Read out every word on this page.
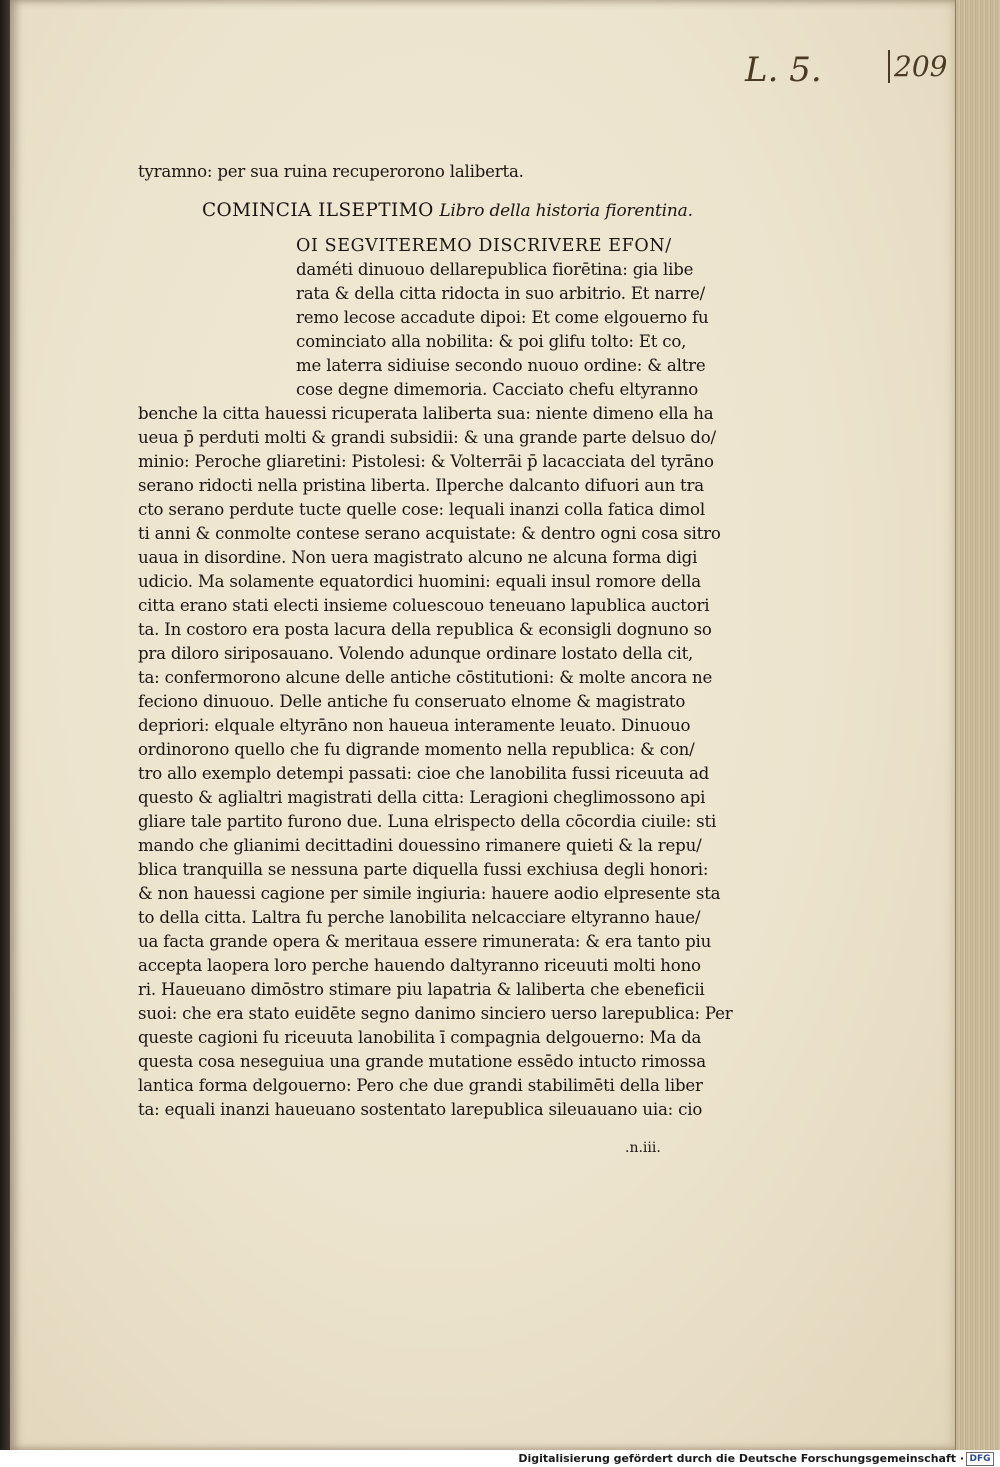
L. 5.	209
tyramno: per sua ruina recuperorono laliberta.
COMINCIA ILSEPTIMO Libro della historia fiorentina.
OI SEGVITEREMO DISCRIVERE EFON/
daméti dinuouo dellarepublica fiorētina: gia libe
rata & della citta ridocta in suo arbitrio. Et narre/
remo lecose accadute dipoi: Et come elgouerno fu
cominciato alla nobilita: & poi glifu tolto: Et co,
me laterra sidiuise secondo nuouo ordine: & altre
cose degne dimemoria. Cacciato chefu eltyranno
benche la citta hauessi ricuperata laliberta sua: niente dimeno ella ha
ueua p̄ perduti molti & grandi subsidii: & una grande parte delsuo do/
minio: Peroche gliaretini: Pistolesi: & Volterrāi p̄ lacacciata del tyrāno
serano ridocti nella pristina liberta. Ilperche dalcanto difuori aun tra
cto serano perdute tucte quelle cose: lequali inanzi colla fatica dimol
ti anni & conmolte contese serano acquistate: & dentro ogni cosa sitro
uaua in disordine. Non uera magistrato alcuno ne alcuna forma digi
udicio. Ma solamente equatordici huomini: equali insul romore della
citta erano stati electi insieme coluescouo teneuano lapublica auctori
ta. In costoro era posta lacura della republica & econsigli dognuno so
pra diloro siriposauano. Volendo adunque ordinare lostato della cit,
ta: confermorono alcune delle antiche cōstitutioni: & molte ancora ne
feciono dinuouo. Delle antiche fu conseruato elnome & magistrato
depriori: elquale eltyrāno non haueua interamente leuato. Dinuouo
ordinorono quello che fu digrande momento nella republica: & con/
tro allo exemplo detempi passati: cioe che lanobilita fussi riceuuta ad
questo & aglialtri magistrati della citta: Leragioni cheglimossono api
gliare tale partito furono due. Luna elrispecto della cōcordia ciuile: sti
mando che glianimi decittadini douessino rimanere quieti & la repu/
blica tranquilla se nessuna parte diquella fussi exchiusa degli honori:
& non hauessi cagione per simile ingiuria: hauere aodio elpresente sta
to della citta. Laltra fu perche lanobilita nelcacciare eltyranno haue/
ua facta grande opera & meritaua essere rimunerata: & era tanto piu
accepta laopera loro perche hauendo daltyranno riceuuti molti hono
ri. Haueuano dimōstro stimare piu lapatria & laliberta che ebeneficii
suoi: che era stato euidēte segno danimo sinciero uerso larepublica: Per
queste cagioni fu riceuuta lanobilita ī compagnia delgouerno: Ma da
questa cosa neseguiua una grande mutatione essēdo intucto rimossa
lantica forma delgouerno: Pero che due grandi stabilimēti della liber
ta: equali inanzi haueuano sostentato larepublica sileuauano uia: cio
.n.iii.
Digitalisierung gefördert durch die Deutsche Forschungsgemeinschaft · DFG
